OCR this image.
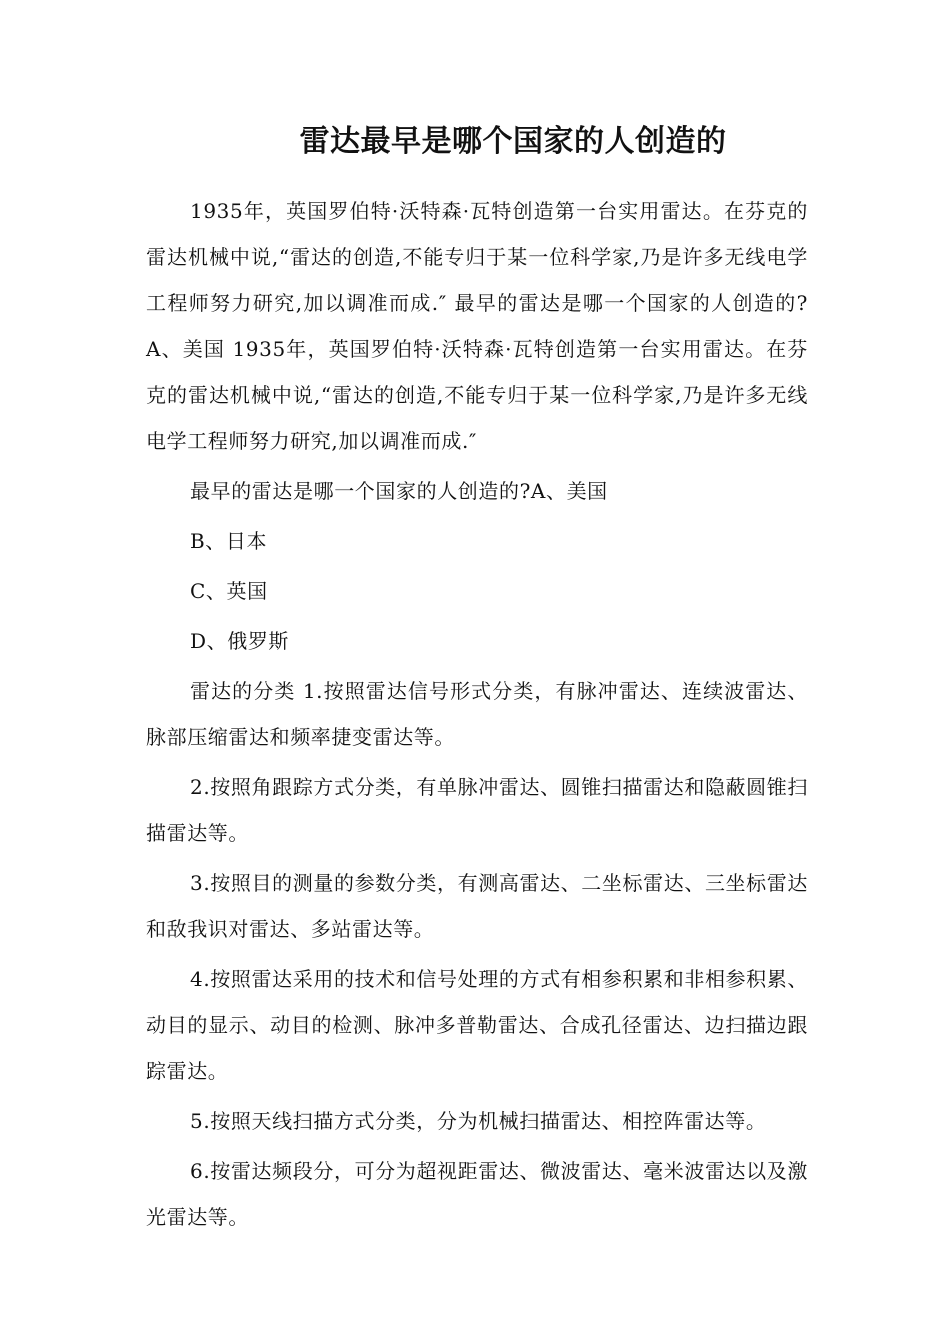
雷达最早是哪个国家的人创造的

1935年，英国罗伯特·沃特森·瓦特创造第一台实用雷达。在芬克的雷达机械中说,“雷达的创造,不能专归于某一位科学家,乃是许多无线电学工程师努力研究,加以调准而成.″ 最早的雷达是哪一个国家的人创造的?A、美国 1935年，英国罗伯特·沃特森·瓦特创造第一台实用雷达。在芬克的雷达机械中说,“雷达的创造,不能专归于某一位科学家,乃是许多无线电学工程师努力研究,加以调准而成.″

最早的雷达是哪一个国家的人创造的?A、美国

B、日本

C、英国

D、俄罗斯

雷达的分类 1.按照雷达信号形式分类，有脉冲雷达、连续波雷达、脉部压缩雷达和频率捷变雷达等。

2.按照角跟踪方式分类，有单脉冲雷达、圆锥扫描雷达和隐蔽圆锥扫描雷达等。

3.按照目的测量的参数分类，有测高雷达、二坐标雷达、三坐标雷达和敌我识对雷达、多站雷达等。

4.按照雷达采用的技术和信号处理的方式有相参积累和非相参积累、动目的显示、动目的检测、脉冲多普勒雷达、合成孔径雷达、边扫描边跟踪雷达。

5.按照天线扫描方式分类，分为机械扫描雷达、相控阵雷达等。

6.按雷达频段分，可分为超视距雷达、微波雷达、毫米波雷达以及激光雷达等。
